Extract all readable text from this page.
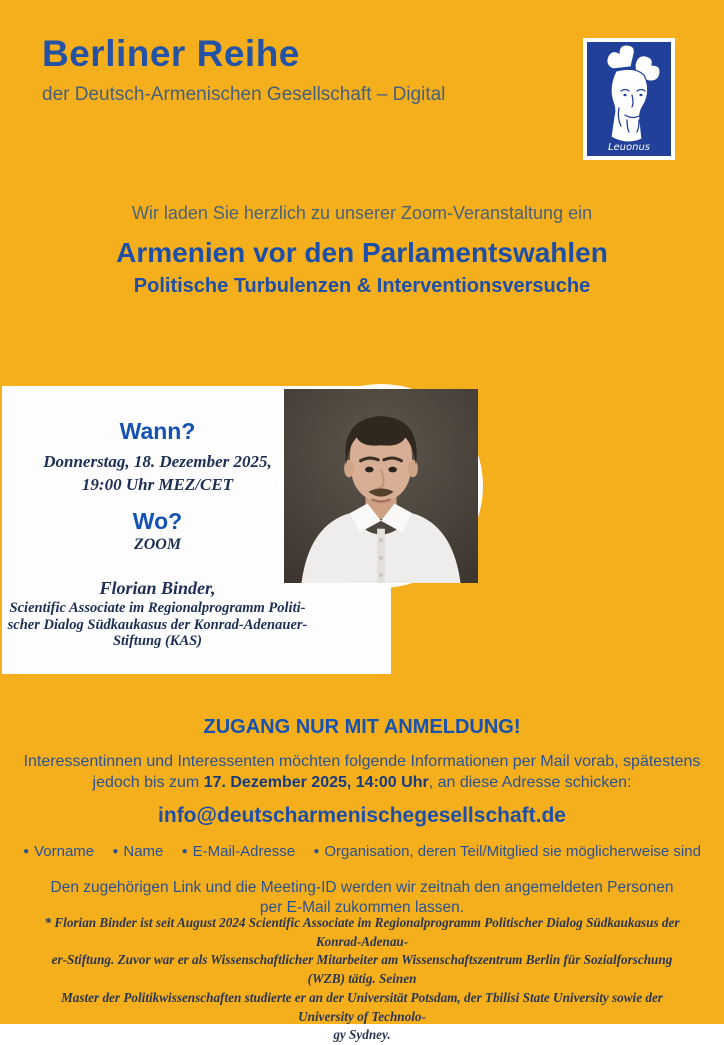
Berliner Reihe
der Deutsch-Armenischen Gesellschaft – Digital
Leuonus
Wir laden Sie herzlich zu unserer Zoom-Veranstaltung ein
Armenien vor den Parlamentswahlen
Politische Turbulenzen & Interventionsversuche
Wann?
Donnerstag, 18. Dezember 2025,
19:00 Uhr MEZ/CET
Wo?
ZOOM
Florian Binder,
Scientific Associate im Regionalprogramm Politi-
scher Dialog Südkaukasus der Konrad-Adenauer-
Stiftung (KAS)
ZUGANG NUR MIT ANMELDUNG!
Interessentinnen und Interessenten möchten folgende Informationen per Mail vorab, spätestens
jedoch bis zum 17. Dezember 2025, 14:00 Uhr, an diese Adresse schicken:
info@deutscharmenischegesellschaft.de
● Vorname ● Name ● E-Mail-Adresse ● Organisation, deren Teil/Mitglied sie möglicherweise sind
Den zugehörigen Link und die Meeting-ID werden wir zeitnah den angemeldeten Personen
per E-Mail zukommen lassen.
* Florian Binder ist seit August 2024 Scientific Associate im Regionalprogramm Politischer Dialog Südkaukasus der Konrad-Adenau-
er-Stiftung. Zuvor war er als Wissenschaftlicher Mitarbeiter am Wissenschaftszentrum Berlin für Sozialforschung (WZB) tätig. Seinen
Master der Politikwissenschaften studierte er an der Universität Potsdam, der Tbilisi State University sowie der University of Technolo-
gy Sydney.
